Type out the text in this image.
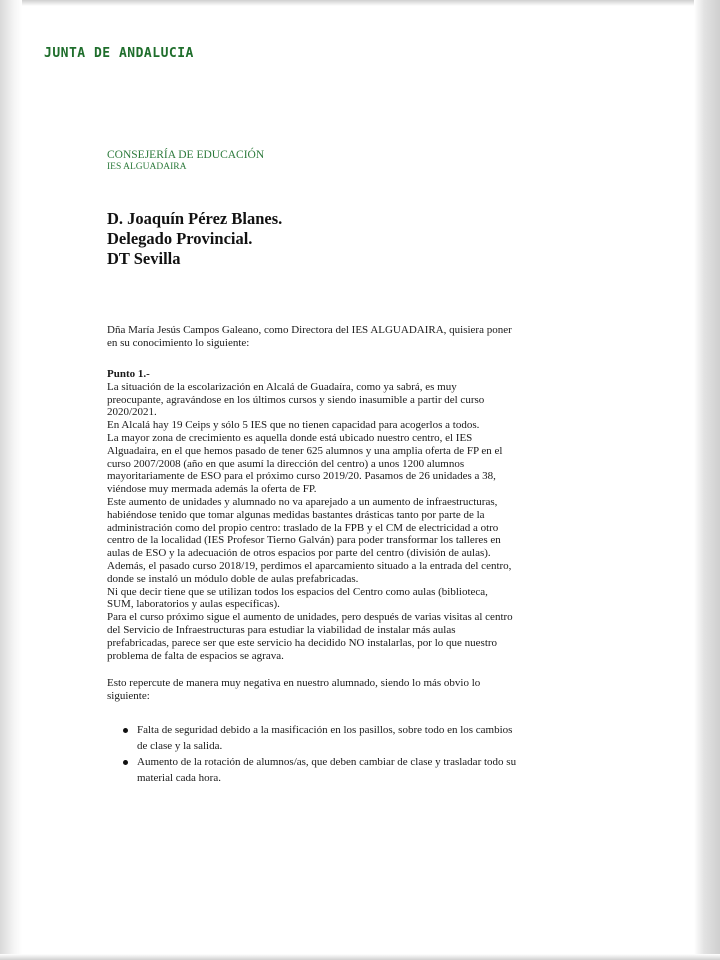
JUNTA DE ANDALUCIA
CONSEJERÍA DE EDUCACIÓN
IES ALGUADAIRA
D. Joaquín Pérez Blanes.
Delegado Provincial.
DT Sevilla
Dña María Jesús Campos Galeano, como Directora del IES ALGUADAIRA, quisiera poner
en su conocimiento lo siguiente:
Punto 1.-
La situación de la escolarización en Alcalá de Guadaíra, como ya sabrá, es muy
preocupante, agravándose en los últimos cursos y siendo inasumible a partir del curso
2020/2021.
En Alcalá hay 19 Ceips y sólo 5 IES que no tienen capacidad para acogerlos a todos.
La mayor zona de crecimiento es aquella donde está ubicado nuestro centro, el IES
Alguadaira, en el que hemos pasado de tener 625 alumnos y una amplia oferta de FP en el
curso 2007/2008 (año en que asumí la dirección del centro) a unos 1200 alumnos
mayoritariamente de ESO para el próximo curso 2019/20. Pasamos de 26 unidades a 38,
viéndose muy mermada además la oferta de FP.
Este aumento de unidades y alumnado no va aparejado a un aumento de infraestructuras,
habiéndose tenido que tomar algunas medidas bastantes drásticas tanto por parte de la
administración como del propio centro: traslado de la FPB y el CM de electricidad a otro
centro de la localidad (IES Profesor Tierno Galván) para poder transformar los talleres en
aulas de ESO y la adecuación de otros espacios por parte del centro (división de aulas).
Además, el pasado curso 2018/19, perdimos el aparcamiento situado a la entrada del centro,
donde se instaló un módulo doble de aulas prefabricadas.
Ni que decir tiene que se utilizan todos los espacios del Centro como aulas (biblioteca,
SUM, laboratorios y aulas específicas).
Para el curso próximo sigue el aumento de unidades, pero después de varias visitas al centro
del Servicio de Infraestructuras para estudiar la viabilidad de instalar más aulas
prefabricadas, parece ser que este servicio ha decidido NO instalarlas, por lo que nuestro
problema de falta de espacios se agrava.
Esto repercute de manera muy negativa en nuestro alumnado, siendo lo más obvio lo
siguiente:
Falta de seguridad debido a la masificación en los pasillos, sobre todo en los cambios
de clase y la salida.
Aumento de la rotación de alumnos/as, que deben cambiar de clase y trasladar todo su
material cada hora.
